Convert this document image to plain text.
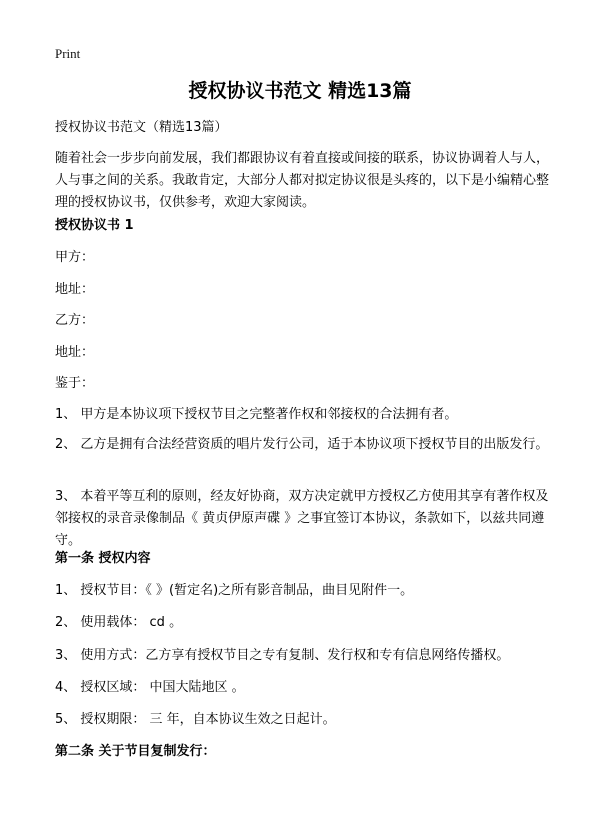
Print
授权协议书范文 精选13篇
授权协议书范文（精选13篇）

随着社会一步步向前发展，我们都跟协议有着直接或间接的联系，协议协调着人与人，人与事之间的关系。我敢肯定，大部分人都对拟定协议很是头疼的，以下是小编精心整理的授权协议书，仅供参考，欢迎大家阅读。

授权协议书 1
甲方：
地址：
乙方：
地址：
鉴于：

1、 甲方是本协议项下授权节目之完整著作权和邻接权的合法拥有者。

2、 乙方是拥有合法经营资质的唱片发行公司，适于本协议项下授权节目的出版发行。

3、 本着平等互利的原则，经友好协商，双方决定就甲方授权乙方使用其享有著作权及邻接权的录音录像制品《 黄贞伊原声碟 》之事宜签订本协议，条款如下，以兹共同遵守。

第一条 授权内容
1、 授权节目：《 》(暂定名)之所有影音制品，曲目见附件一。
2、 使用载体： cd 。
3、 使用方式：乙方享有授权节目之专有复制、发行权和专有信息网络传播权。
4、 授权区域： 中国大陆地区 。
5、 授权期限： 三 年，自本协议生效之日起计。
第二条 关于节目复制发行：
